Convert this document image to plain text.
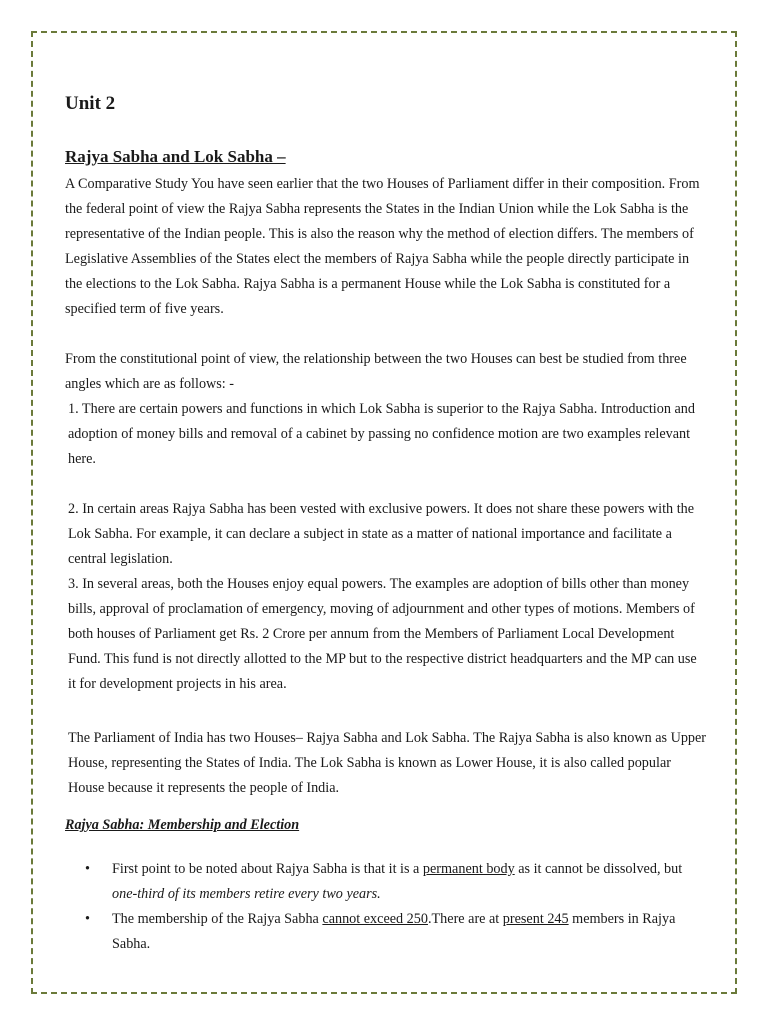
Unit 2
Rajya Sabha and Lok Sabha –

A Comparative Study You have seen earlier that the two Houses of Parliament differ in their composition. From the federal point of view the Rajya Sabha represents the States in the Indian Union while the Lok Sabha is the representative of the Indian people. This is also the reason why the method of election differs. The members of Legislative Assemblies of the States elect the members of Rajya Sabha while the people directly participate in the elections to the Lok Sabha. Rajya Sabha is a permanent House while the Lok Sabha is constituted for a specified term of five years.

From the constitutional point of view, the relationship between the two Houses can best be studied from three angles which are as follows: -

1. There are certain powers and functions in which Lok Sabha is superior to the Rajya Sabha. Introduction and adoption of money bills and removal of a cabinet by passing no confidence motion are two examples relevant here.

2. In certain areas Rajya Sabha has been vested with exclusive powers. It does not share these powers with the Lok Sabha. For example, it can declare a subject in state as a matter of national importance and facilitate a central legislation.

3. In several areas, both the Houses enjoy equal powers. The examples are adoption of bills other than money bills, approval of proclamation of emergency, moving of adjournment and other types of motions. Members of both houses of Parliament get Rs. 2 Crore per annum from the Members of Parliament Local Development Fund. This fund is not directly allotted to the MP but to the respective district headquarters and the MP can use it for development projects in his area.

The Parliament of India has two Houses– Rajya Sabha and Lok Sabha. The Rajya Sabha is also known as Upper House, representing the States of India. The Lok Sabha is known as Lower House, it is also called popular House because it represents the people of India.

Rajya Sabha: Membership and Election
• First point to be noted about Rajya Sabha is that it is a permanent body as it cannot be dissolved, but one-third of its members retire every two years.
• The membership of the Rajya Sabha cannot exceed 250.There are at present 245 members in Rajya Sabha.
